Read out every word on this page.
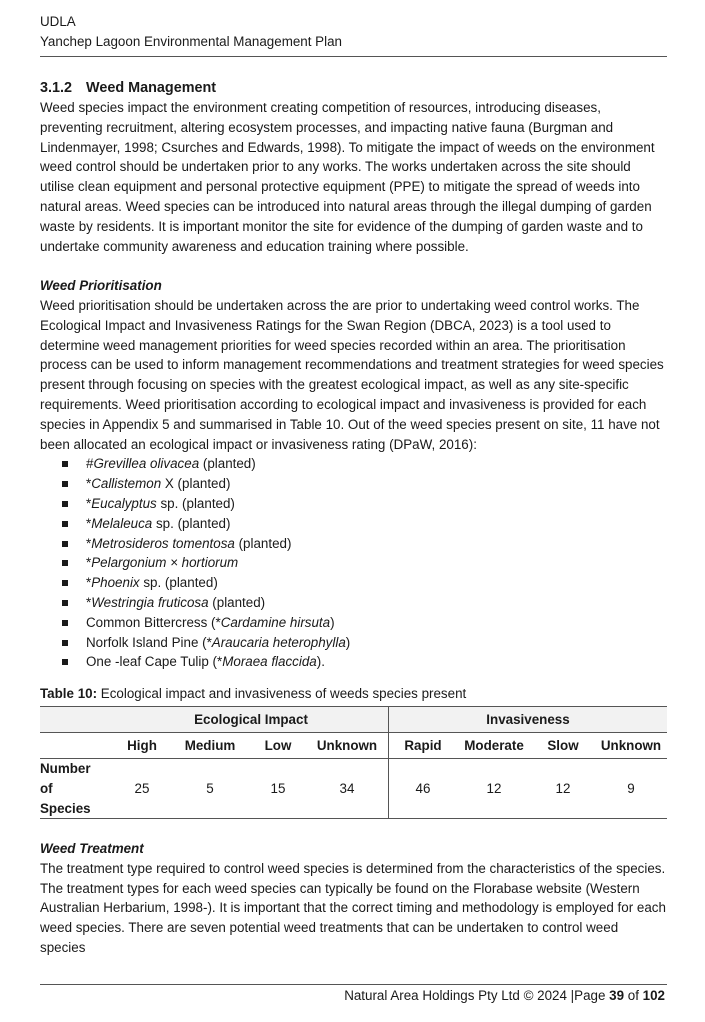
UDLA
Yanchep Lagoon Environmental Management Plan
3.1.2 Weed Management

Weed species impact the environment creating competition of resources, introducing diseases, preventing recruitment, altering ecosystem processes, and impacting native fauna (Burgman and Lindenmayer, 1998; Csurches and Edwards, 1998). To mitigate the impact of weeds on the environment weed control should be undertaken prior to any works. The works undertaken across the site should utilise clean equipment and personal protective equipment (PPE) to mitigate the spread of weeds into natural areas. Weed species can be introduced into natural areas through the illegal dumping of garden waste by residents. It is important monitor the site for evidence of the dumping of garden waste and to undertake community awareness and education training where possible.

Weed Prioritisation

Weed prioritisation should be undertaken across the are prior to undertaking weed control works. The Ecological Impact and Invasiveness Ratings for the Swan Region (DBCA, 2023) is a tool used to determine weed management priorities for weed species recorded within an area. The prioritisation process can be used to inform management recommendations and treatment strategies for weed species present through focusing on species with the greatest ecological impact, as well as any site-specific requirements. Weed prioritisation according to ecological impact and invasiveness is provided for each species in Appendix 5 and summarised in Table 10. Out of the weed species present on site, 11 have not been allocated an ecological impact or invasiveness rating (DPaW, 2016):

#Grevillea olivacea (planted)
*Callistemon X (planted)
*Eucalyptus sp. (planted)
*Melaleuca sp. (planted)
*Metrosideros tomentosa (planted)
*Pelargonium × hortiorum
*Phoenix sp. (planted)
*Westringia fruticosa (planted)
Common Bittercress (*Cardamine hirsuta)
Norfolk Island Pine (*Araucaria heterophylla)
One -leaf Cape Tulip (*Moraea flaccida).
Table 10: Ecological impact and invasiveness of weeds species present
	Ecological Impact				Invasiveness			
	High	Medium	Low	Unknown	Rapid	Moderate	Slow	Unknown

Number
of
Species	25	5	15	34	46	12	12	9

Weed Treatment

The treatment type required to control weed species is determined from the characteristics of the species. The treatment types for each weed species can typically be found on the Florabase website (Western Australian Herbarium, 1998-). It is important that the correct timing and methodology is employed for each weed species. There are seven potential weed treatments that can be undertaken to control weed species

Natural Area Holdings Pty Ltd © 2024 |Page 39 of 102
